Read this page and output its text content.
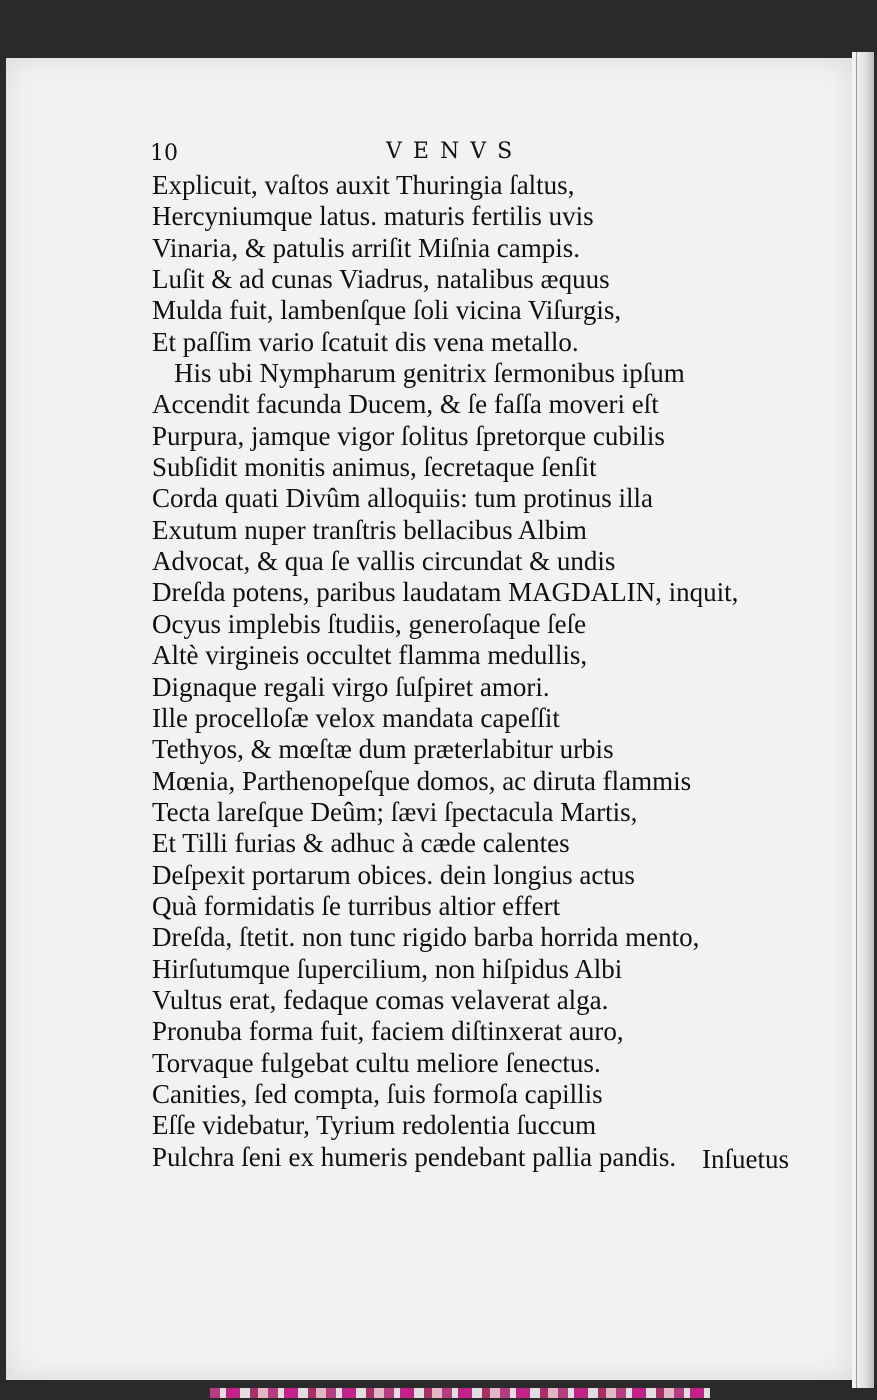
10	VENVS
Explicuit, vaſtos auxit Thuringia ſaltus,
Hercyniumque latus. maturis fertilis uvis
Vinaria, & patulis arriſit Miſnia campis.
Luſit & ad cunas Viadrus, natalibus æquus
Mulda fuit, lambenſque ſoli vicina Viſurgis,
Et paſſim vario ſcatuit dis vena metallo.
His ubi Nympharum genitrix ſermonibus ipſum
Accendit facunda Ducem, & ſe faſſa moveri eſt
Purpura, jamque vigor ſolitus ſpretorque cubilis
Subſidit monitis animus, ſecretaque ſenſit
Corda quati Divûm alloquiis: tum protinus illa
Exutum nuper tranſtris bellacibus Albim
Advocat, & qua ſe vallis circundat & undis
Dreſda potens, paribus laudatam MAGDALIN, inquit,
Ocyus implebis ſtudiis, generoſaque ſeſe
Altè virgineis occultet flamma medullis,
Dignaque regali virgo ſuſpiret amori.
Ille procelloſæ velox mandata capeſſit
Tethyos, & mœſtæ dum præterlabitur urbis
Mœnia, Parthenopeſque domos, ac diruta flammis
Tecta lareſque Deûm; ſævi ſpectacula Martis,
Et Tilli furias & adhuc à cæde calentes
Deſpexit portarum obices. dein longius actus
Quà formidatis ſe turribus altior effert
Dreſda, ſtetit. non tunc rigido barba horrida mento,
Hirſutumque ſupercilium, non hiſpidus Albi
Vultus erat, fedaque comas velaverat alga.
Pronuba forma fuit, faciem diſtinxerat auro,
Torvaque fulgebat cultu meliore ſenectus.
Canities, ſed compta, ſuis formoſa capillis
Eſſe videbatur, Tyrium redolentia ſuccum
Pulchra ſeni ex humeris pendebant pallia pandis. Inſuetus
